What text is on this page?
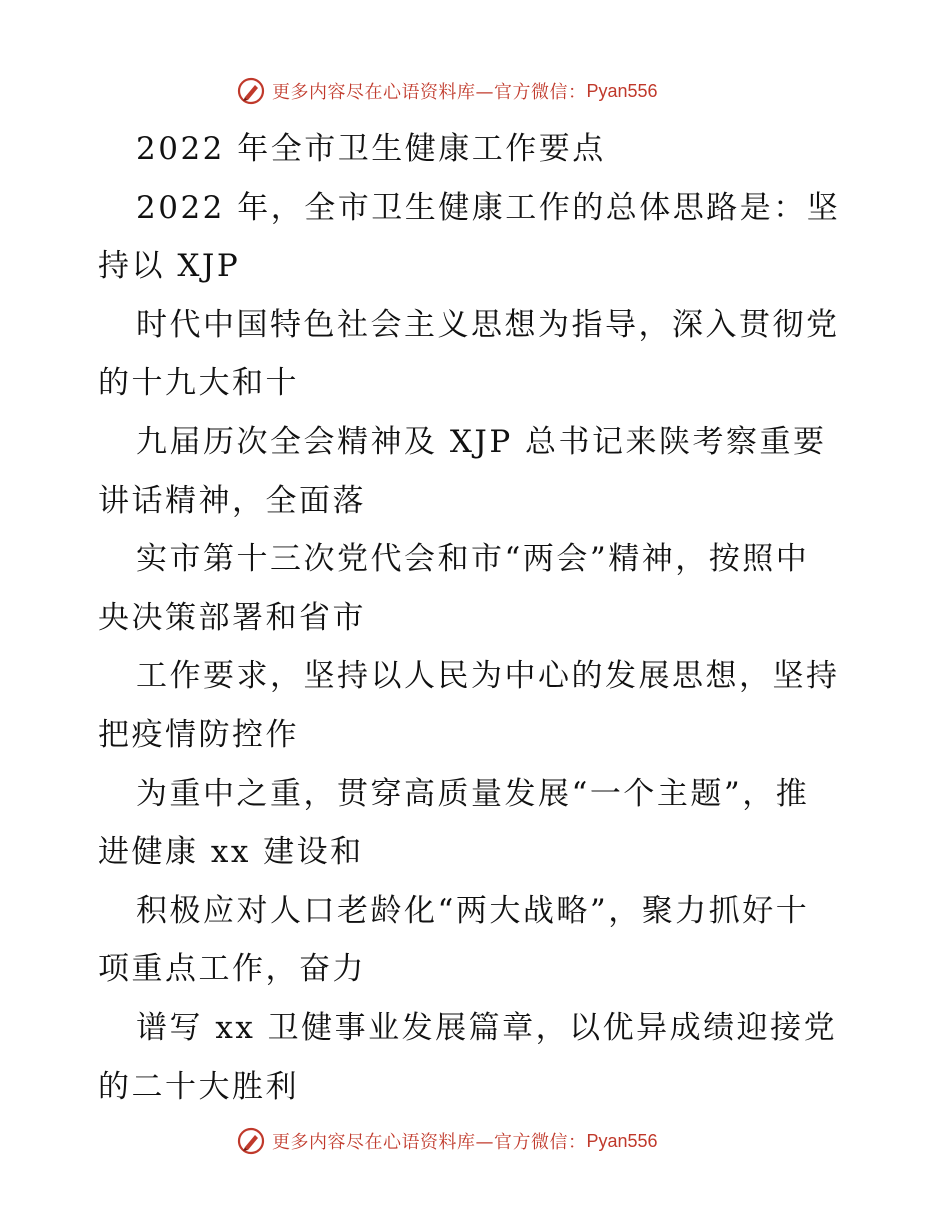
更多内容尽在心语资料库—官方微信： Pyan556
2022 年全市卫生健康工作要点
2022 年，全市卫生健康工作的总体思路是：坚
持以 XJP
时代中国特色社会主义思想为指导，深入贯彻党
的十九大和十
九届历次全会精神及 XJP 总书记来陕考察重要
讲话精神，全面落
实市第十三次党代会和市“两会”精神，按照中
央决策部署和省市
工作要求，坚持以人民为中心的发展思想，坚持
把疫情防控作
为重中之重，贯穿高质量发展“一个主题”，推
进健康 xx 建设和
积极应对人口老龄化“两大战略”，聚力抓好十
项重点工作，奋力
谱写 xx 卫健事业发展篇章，以优异成绩迎接党
的二十大胜利
更多内容尽在心语资料库—官方微信： Pyan556
